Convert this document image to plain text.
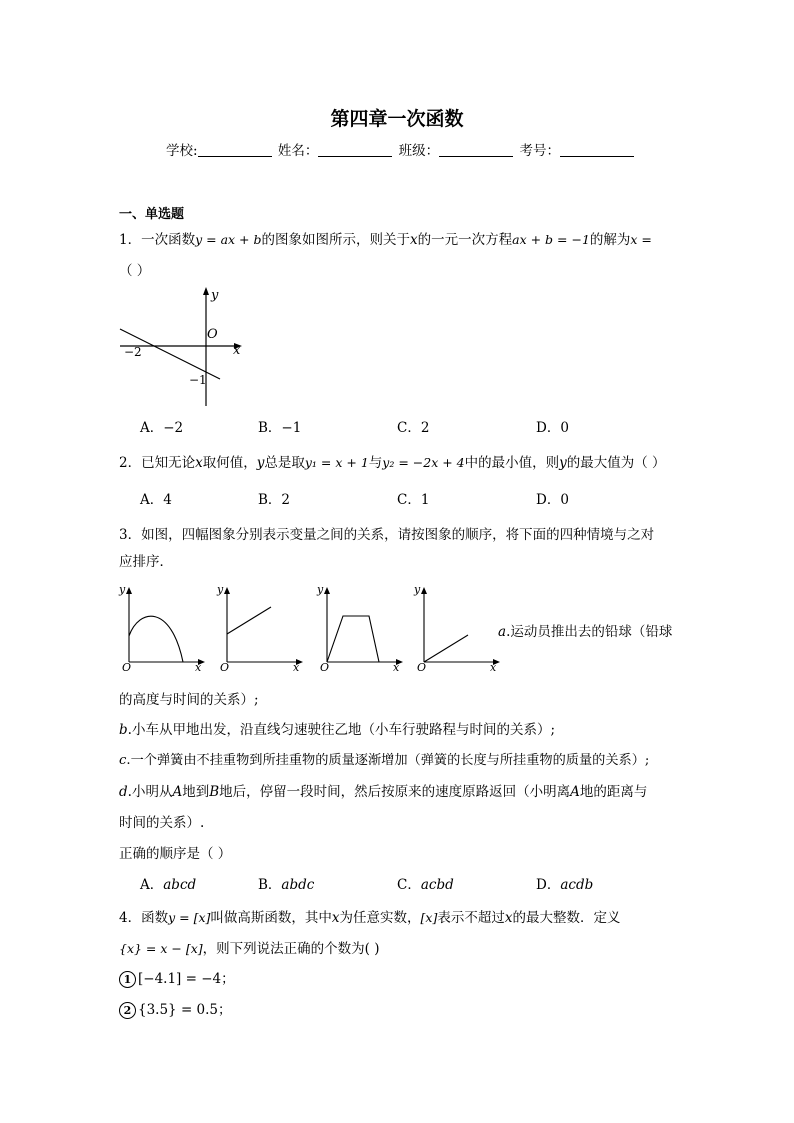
第四章一次函数
学校:	姓名：	班级：	考号：
一、单选题
1．一次函数y = ax + b的图象如图所示，则关于x的一元一次方程ax + b = −1的解为x =
（ ）
y
x
O
−2
−1
A．−2	B．−1	C．2	D．0
2．已知无论x取何值，y总是取y₁ = x + 1与y₂ = −2x + 4中的最小值，则y的最大值为（ ）
A．4	B．2	C．1	D．0
3．如图，四幅图象分别表示变量之间的关系，请按图象的顺序，将下面的四种情境与之对
应排序．
y
x
O
y
x
O
y
x
O
y
x
O
a.运动员推出去的铅球（铅球
的高度与时间的关系）;
b.小车从甲地出发，沿直线匀速驶往乙地（小车行驶路程与时间的关系）;
c.一个弹簧由不挂重物到所挂重物的质量逐渐增加（弹簧的长度与所挂重物的质量的关系）;
d.小明从A地到B地后，停留一段时间，然后按原来的速度原路返回（小明离A地的距离与
时间的关系）.
正确的顺序是（ ）
A．abcd	B．abdc	C．acbd	D．acdb
4．函数y = [x]叫做高斯函数，其中x为任意实数，[x]表示不超过x的最大整数．定义
{x} = x − [x]，则下列说法正确的个数为( )
1 [−4.1] = −4；
2 {3.5} = 0.5；
